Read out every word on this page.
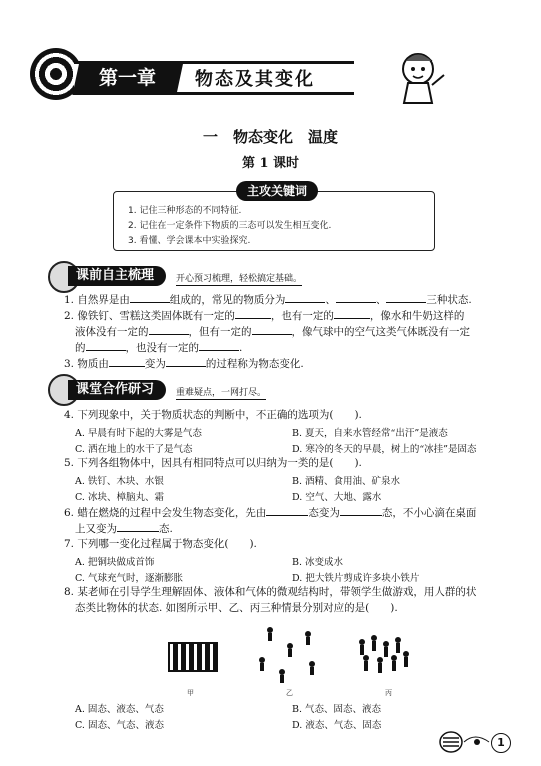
第一章	物态及其变化
一　物态变化　温度
第 1 课时
主攻关键词
1. 记住三种形态的不同特征.
2. 记住在一定条件下物质的三态可以发生相互变化.
3. 看懂、学会课本中实验探究.
课前自主梳理	开心预习梳理，轻松搞定基础。
1. 自然界是由	组成的，常见的物质分为	、	、	三种状态.
2. 像铁钉、雪糕这类固体既有一定的	，也有一定的	，像水和牛奶这样的
液体没有一定的	，但有一定的	，像气球中的空气这类气体既没有一定
的	，也没有一定的	.
3. 物质由	变为	的过程称为物态变化.
课堂合作研习	重难疑点，一网打尽。
4. 下列现象中，关于物质状态的判断中，不正确的选项为(　　).
A. 早晨有时下起的大雾是气态	B. 夏天，自来水管经常“出汗”是液态
C. 洒在地上的水干了是气态	D. 寒冷的冬天的早晨，树上的“冰挂”是固态
5. 下列各组物体中，因具有相同特点可以归纳为一类的是(　　).
A. 铁钉、木块、水银	B. 酒精、食用油、矿泉水
C. 冰块、樟脑丸、霜	D. 空气、大地、露水
6. 蜡在燃烧的过程中会发生物态变化，先由	态变为	态，不小心滴在桌面
上又变为	态.
7. 下列哪一变化过程属于物态变化(　　).
A. 把铜块做成首饰	B. 冰变成水
C. 气球充气时，逐渐膨胀	D. 把大铁片剪成许多块小铁片
8. 某老师在引导学生理解固体、液体和气体的微观结构时，带领学生做游戏，用人群的状
态类比物体的状态. 如图所示甲、乙、丙三种情景分别对应的是(　　).
甲	乙	丙
A. 固态、液态、气态	B. 气态、固态、液态
C. 固态、气态、液态	D. 液态、气态、固态
1
